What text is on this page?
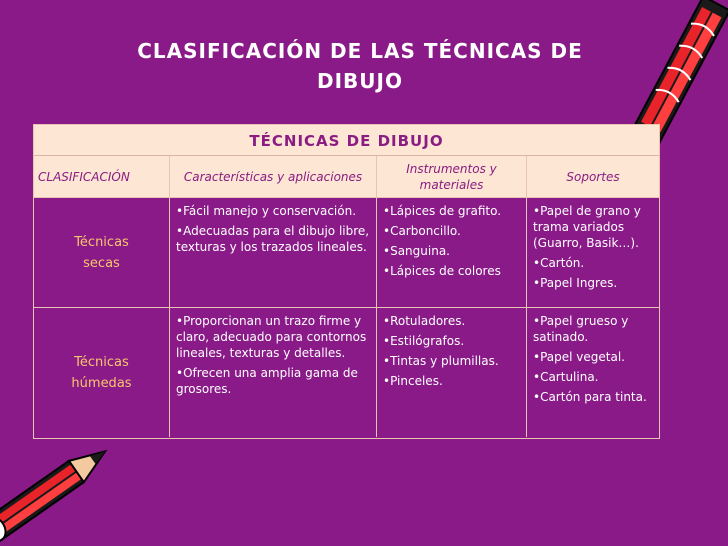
CLASIFICACIÓN DE LAS TÉCNICAS DE
DIBUJO
TÉCNICAS DE DIBUJO
CLASIFICACIÓN	Características y aplicaciones
Instrumentos y materiales
Soportes
Técnicas
secas

•Fácil manejo y conservación.

•Adecuadas para el dibujo libre, texturas y los trazados lineales.

•Lápices de grafito.

•Carboncillo.

•Sanguina.

•Lápices de colores

•Papel de grano y trama variados (Guarro, Basik…).

•Cartón.

•Papel Ingres.

Técnicas
húmedas

•Proporcionan un trazo firme y claro, adecuado para contornos lineales, texturas y detalles.

•Ofrecen una amplia gama de grosores.

•Rotuladores.

•Estilógrafos.

•Tintas y plumillas.

•Pinceles.

•Papel grueso y satinado.

•Papel vegetal.

•Cartulina.

•Cartón para tinta.
